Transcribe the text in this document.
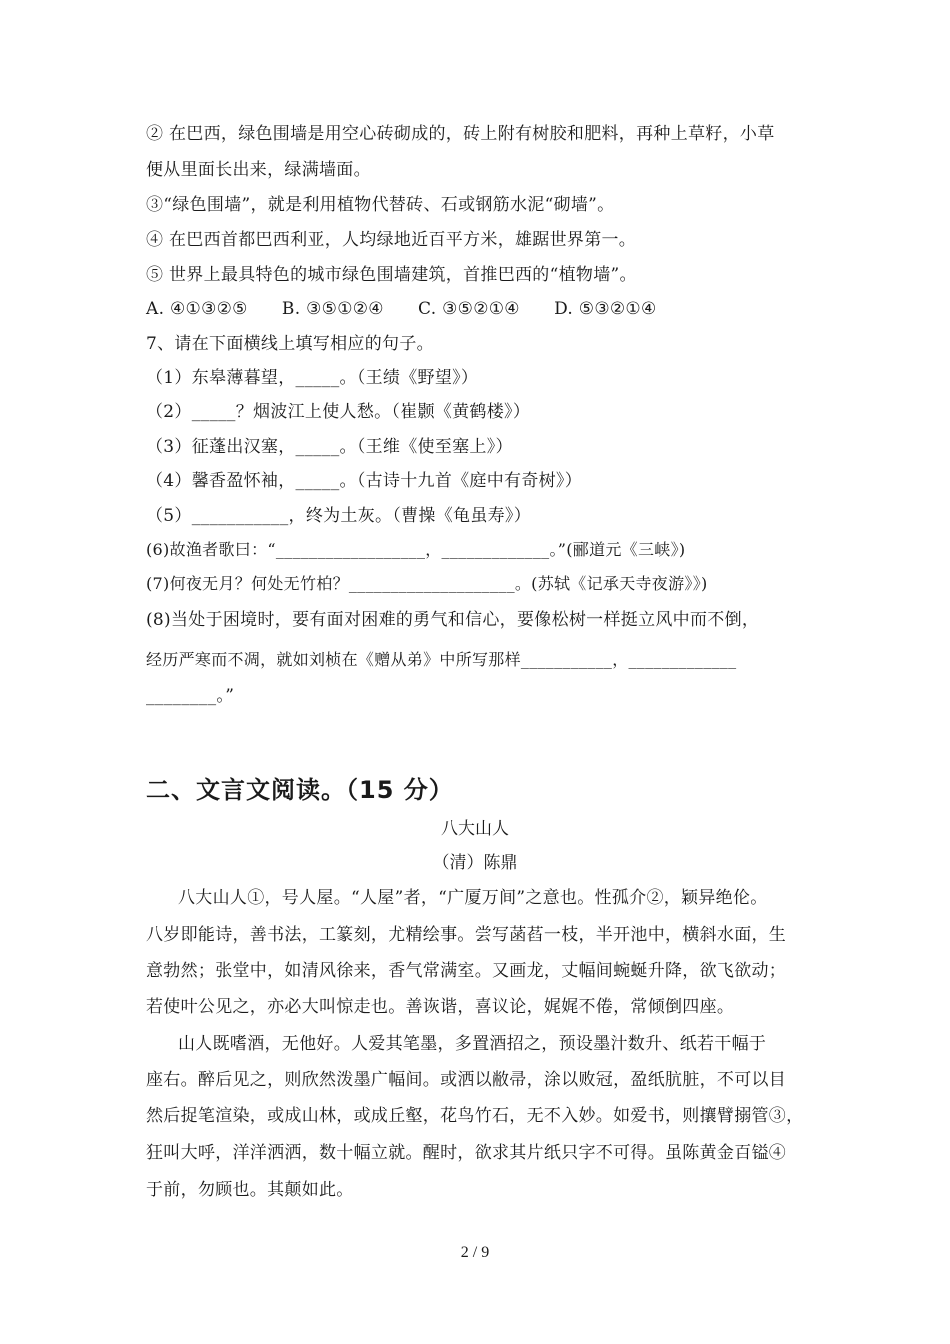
② 在巴西，绿色围墙是用空心砖砌成的，砖上附有树胶和肥料，再种上草籽，小草
便从里面长出来，绿满墙面。
③“绿色围墙”，就是利用植物代替砖、石或钢筋水泥“砌墙”。
④ 在巴西首都巴西利亚，人均绿地近百平方米，雄踞世界第一。
⑤ 世界上最具特色的城市绿色围墙建筑，首推巴西的“植物墙”。
A. ④①③②⑤      B. ③⑤①②④      C. ③⑤②①④      D. ⑤③②①④
7、请在下面横线上填写相应的句子。
（1）东皋薄暮望，_____。（王绩《野望》）
（2）_____？烟波江上使人愁。（崔颢《黄鹤楼》）
（3）征蓬出汉塞，_____。（王维《使至塞上》）
（4）馨香盈怀袖，_____。（古诗十九首《庭中有奇树》）
（5）___________，终为土灰。（曹操《龟虽寿》）
(6)故渔者歌曰：“__________________，_____________。”(郦道元《三峡》)
(7)何夜无月？何处无竹柏？____________________。(苏轼《记承天寺夜游》》)
(8)当处于困境时，要有面对困难的勇气和信心，要像松树一样挺立风中而不倒，
经历严寒而不凋，就如刘桢在《赠从弟》中所写那样___________，_____________
________。”
二、文言文阅读。（15 分）
八大山人
（清）陈鼎
八大山人①，号人屋。“人屋”者，“广厦万间”之意也。性孤介②，颖异绝伦。
八岁即能诗，善书法，工篆刻，尤精绘事。尝写菡萏一枝，半开池中，横斜水面，生
意勃然；张堂中，如清风徐来，香气常满室。又画龙，丈幅间蜿蜒升降，欲飞欲动；
若使叶公见之，亦必大叫惊走也。善诙谐，喜议论，娓娓不倦，常倾倒四座。
山人既嗜酒，无他好。人爱其笔墨，多置酒招之，预设墨汁数升、纸若干幅于
座右。醉后见之，则欣然泼墨广幅间。或洒以敝帚，涂以败冠，盈纸肮脏，不可以目
然后捉笔渲染，或成山林，或成丘壑，花鸟竹石，无不入妙。如爱书，则攘臂搦管③，
狂叫大呼，洋洋洒洒，数十幅立就。醒时，欲求其片纸只字不可得。虽陈黄金百镒④
于前，勿顾也。其颠如此。
2 / 9
